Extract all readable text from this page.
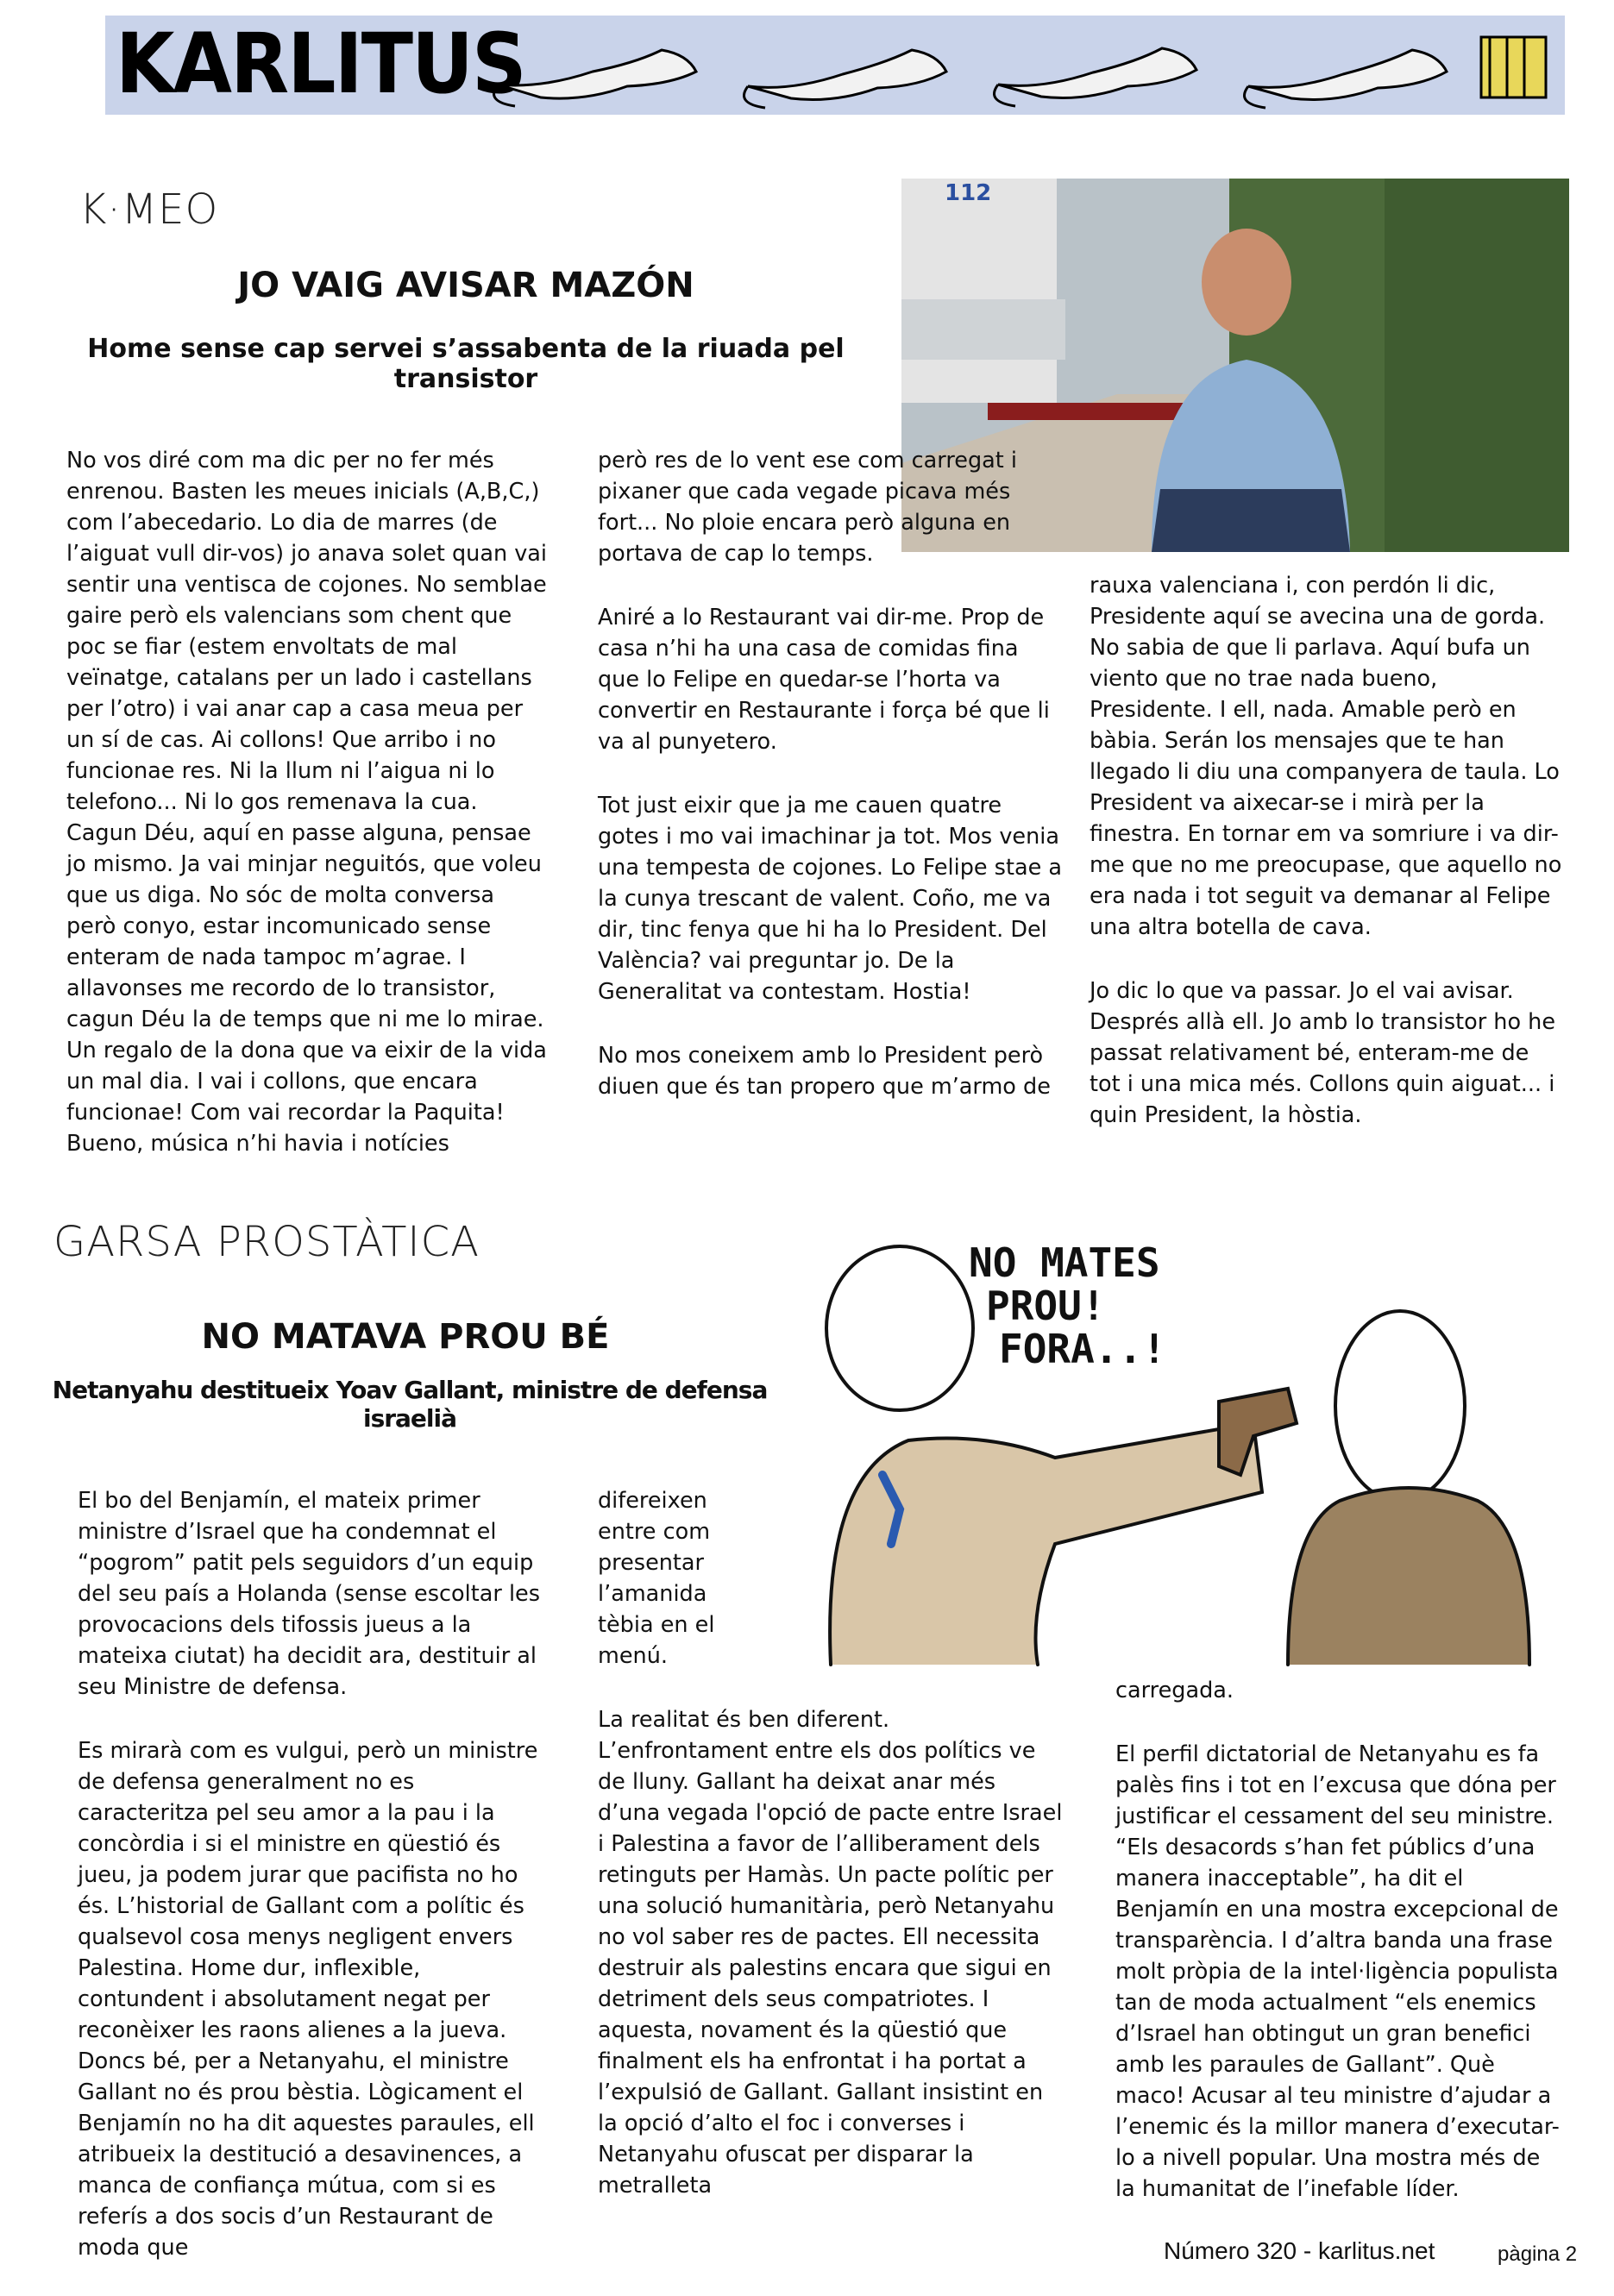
KARLITUS
K·MEO
JO VAIG AVISAR MAZÓN
Home sense cap servei s’assabenta de la riuada pel transistor
112

No vos diré com ma dic per no fer més enrenou. Basten les meues inicials (A,B,C,) com l’abecedario. Lo dia de marres (de l’aiguat vull dir-vos) jo anava solet quan vai sentir una ventisca de cojones. No semblae gaire però els valencians som chent que poc se fiar (estem envoltats de mal veïnatge, catalans per un lado i castellans per l’otro) i vai anar cap a casa meua per un sí de cas. Ai collons! Que arribo i no funcionae res. Ni la llum ni l’aigua ni lo telefono... Ni lo gos remenava la cua. Cagun Déu, aquí en passe alguna, pensae jo mismo. Ja vai minjar neguitós, que voleu que us diga. No sóc de molta conversa però conyo, estar incomunicado sense enteram de nada tampoc m’agrae. I allavonses me recordo de lo transistor, cagun Déu la de temps que ni me lo mirae. Un regalo de la dona que va eixir de la vida un mal dia. I vai i collons, que encara funcionae! Com vai recordar la Paquita! Bueno, música n’hi havia i notícies

però res de lo vent ese com carregat i pixaner que cada vegade picava més fort... No ploie encara però alguna en portava de cap lo temps.

Aniré a lo Restaurant vai dir-me. Prop de casa n’hi ha una casa de comidas fina que lo Felipe en quedar-se l’horta va convertir en Restaurante i força bé que li va al punyetero.

Tot just eixir que ja me cauen quatre gotes i mo vai imachinar ja tot. Mos venia una tempesta de cojones. Lo Felipe stae a la cunya trescant de valent. Coño, me va dir, tinc fenya que hi ha lo President. Del València? vai preguntar jo. De la Generalitat va contestam. Hostia!

No mos coneixem amb lo President però diuen que és tan propero que m’armo de

rauxa valenciana i, con perdón li dic, Presidente aquí se avecina una de gorda. No sabia de que li parlava. Aquí bufa un viento que no trae nada bueno, Presidente. I ell, nada. Amable però en bàbia. Serán los mensajes que te han llegado li diu una companyera de taula. Lo President va aixecar-se i mirà per la finestra. En tornar em va somriure i va dir-me que no me preocupase, que aquello no era nada i tot seguit va demanar al Felipe una altra botella de cava.

Jo dic lo que va passar. Jo el vai avisar. Després allà ell. Jo amb lo transistor ho he passat relativament bé, enteram-me de tot i una mica més. Collons quin aiguat... i quin President, la hòstia.

GARSA PROSTÀTICA
NO MATAVA PROU BÉ
Netanyahu destitueix Yoav Gallant, ministre de defensa israelià
NO MATES
PROU!
FORA..!

El bo del Benjamín, el mateix primer ministre d’Israel que ha condemnat el “pogrom” patit pels seguidors d’un equip del seu país a Holanda (sense escoltar les provocacions dels tifossis jueus a la mateixa ciutat) ha decidit ara, destituir al seu Ministre de defensa.

Es mirarà com es vulgui, però un ministre de defensa generalment no es caracteritza pel seu amor a la pau i la concòrdia i si el ministre en qüestió és jueu, ja podem jurar que pacifista no ho és. L’historial de Gallant com a polític és qualsevol cosa menys negligent envers Palestina. Home dur, inflexible, contundent i absolutament negat per reconèixer les raons alienes a la jueva. Doncs bé, per a Netanyahu, el ministre Gallant no és prou bèstia. Lògicament el Benjamín no ha dit aquestes paraules, ell atribueix la destitució a desavinences, a manca de confiança mútua, com si es referís a dos socis d’un Restaurant de moda que

difereixen entre com presentar l’amanida tèbia en el menú.

La realitat és ben diferent. L’enfrontament entre els dos polítics ve de lluny. Gallant ha deixat anar més d’una vegada l'opció de pacte entre Israel i Palestina a favor de l’alliberament dels retinguts per Hamàs. Un pacte polític per una solució humanitària, però Netanyahu no vol saber res de pactes. Ell necessita destruir als palestins encara que sigui en detriment dels seus compatriotes. I aquesta, novament és la qüestió que finalment els ha enfrontat i ha portat a l’expulsió de Gallant. Gallant insistint en la opció d’alto el foc i converses i Netanyahu ofuscat per disparar la metralleta

carregada.

El perfil dictatorial de Netanyahu es fa palès fins i tot en l’excusa que dóna per justificar el cessament del seu ministre. “Els desacords s’han fet públics d’una manera inacceptable”, ha dit el Benjamín en una mostra excepcional de transparència. I d’altra banda una frase molt pròpia de la intel·ligència populista tan de moda actualment “els enemics d’Israel han obtingut un gran benefici amb les paraules de Gallant”. Què maco! Acusar al teu ministre d’ajudar a l’enemic és la millor manera d’executar-lo a nivell popular. Una mostra més de la humanitat de l’inefable líder.

Número 320 - karlitus.net	pàgina 2
